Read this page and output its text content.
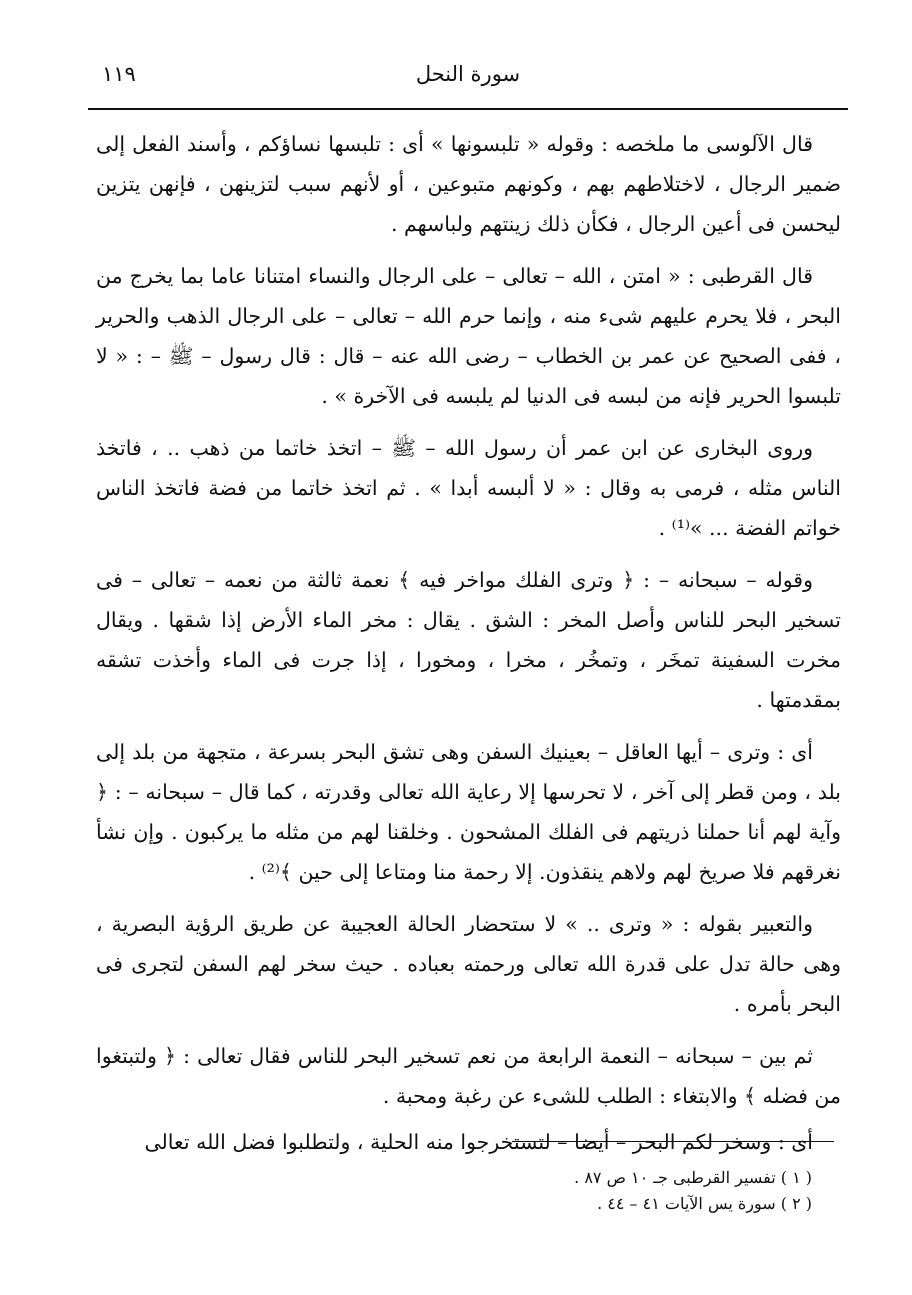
١١٩	سورة النحل

قال الآلوسى ما ملخصه : وقوله « تلبسونها » أى : تلبسها نساؤكم ، وأسند الفعل إلى ضمير الرجال ، لاختلاطهم بهم ، وكونهم متبوعين ، أو لأنهم سبب لتزينهن ، فإنهن يتزين ليحسن فى أعين الرجال ، فكأن ذلك زينتهم ولباسهم .

قال القرطبى : « امتن ، الله – تعالى – على الرجال والنساء امتنانا عاما بما يخرج من البحر ، فلا يحرم عليهم شىء منه ، وإنما حرم الله – تعالى – على الرجال الذهب والحرير ، ففى الصحيح عن عمر بن الخطاب – رضى الله عنه – قال : قال رسول – ﷺ – : « لا تلبسوا الحرير فإنه من لبسه فى الدنيا لم يلبسه فى الآخرة » .

وروى البخارى عن ابن عمر أن رسول الله – ﷺ – اتخذ خاتما من ذهب .. ، فاتخذ الناس مثله ، فرمى به وقال : « لا ألبسه أبدا » . ثم اتخذ خاتما من فضة فاتخذ الناس خواتم الفضة ... »⁽¹⁾ .

وقوله – سبحانه – : ﴿ وترى الفلك مواخر فيه ﴾ نعمة ثالثة من نعمه – تعالى – فى تسخير البحر للناس وأصل المخر : الشق . يقال : مخر الماء الأرض إذا شقها . ويقال مخرت السفينة تمخَر ، وتمخُر ، مخرا ، ومخورا ، إذا جرت فى الماء وأخذت تشقه بمقدمتها .

أى : وترى – أيها العاقل – بعينيك السفن وهى تشق البحر بسرعة ، متجهة من بلد إلى بلد ، ومن قطر إلى آخر ، لا تحرسها إلا رعاية الله تعالى وقدرته ، كما قال – سبحانه – : ﴿ وآية لهم أنا حملنا ذريتهم فى الفلك المشحون . وخلقنا لهم من مثله ما يركبون . وإن نشأ نغرقهم فلا صريخ لهم ولاهم ينقذون. إلا رحمة منا ومتاعا إلى حين ﴾⁽²⁾ .

والتعبير بقوله : « وترى .. » لا ستحضار الحالة العجيبة عن طريق الرؤية البصرية ، وهى حالة تدل على قدرة الله تعالى ورحمته بعباده . حيث سخر لهم السفن لتجرى فى البحر بأمره .

ثم بين – سبحانه – النعمة الرابعة من نعم تسخير البحر للناس فقال تعالى : ﴿ ولتبتغوا من فضله ﴾ والابتغاء : الطلب للشىء عن رغبة ومحبة .

أى : وسخر لكم البحر – أيضا – لتستخرجوا منه الحلية ، ولتطلبوا فضل الله تعالى

( ١ ) تفسير القرطبى جـ ١٠ ص ٨٧ .

( ٢ ) سورة يس الآيات ٤١ – ٤٤ .
